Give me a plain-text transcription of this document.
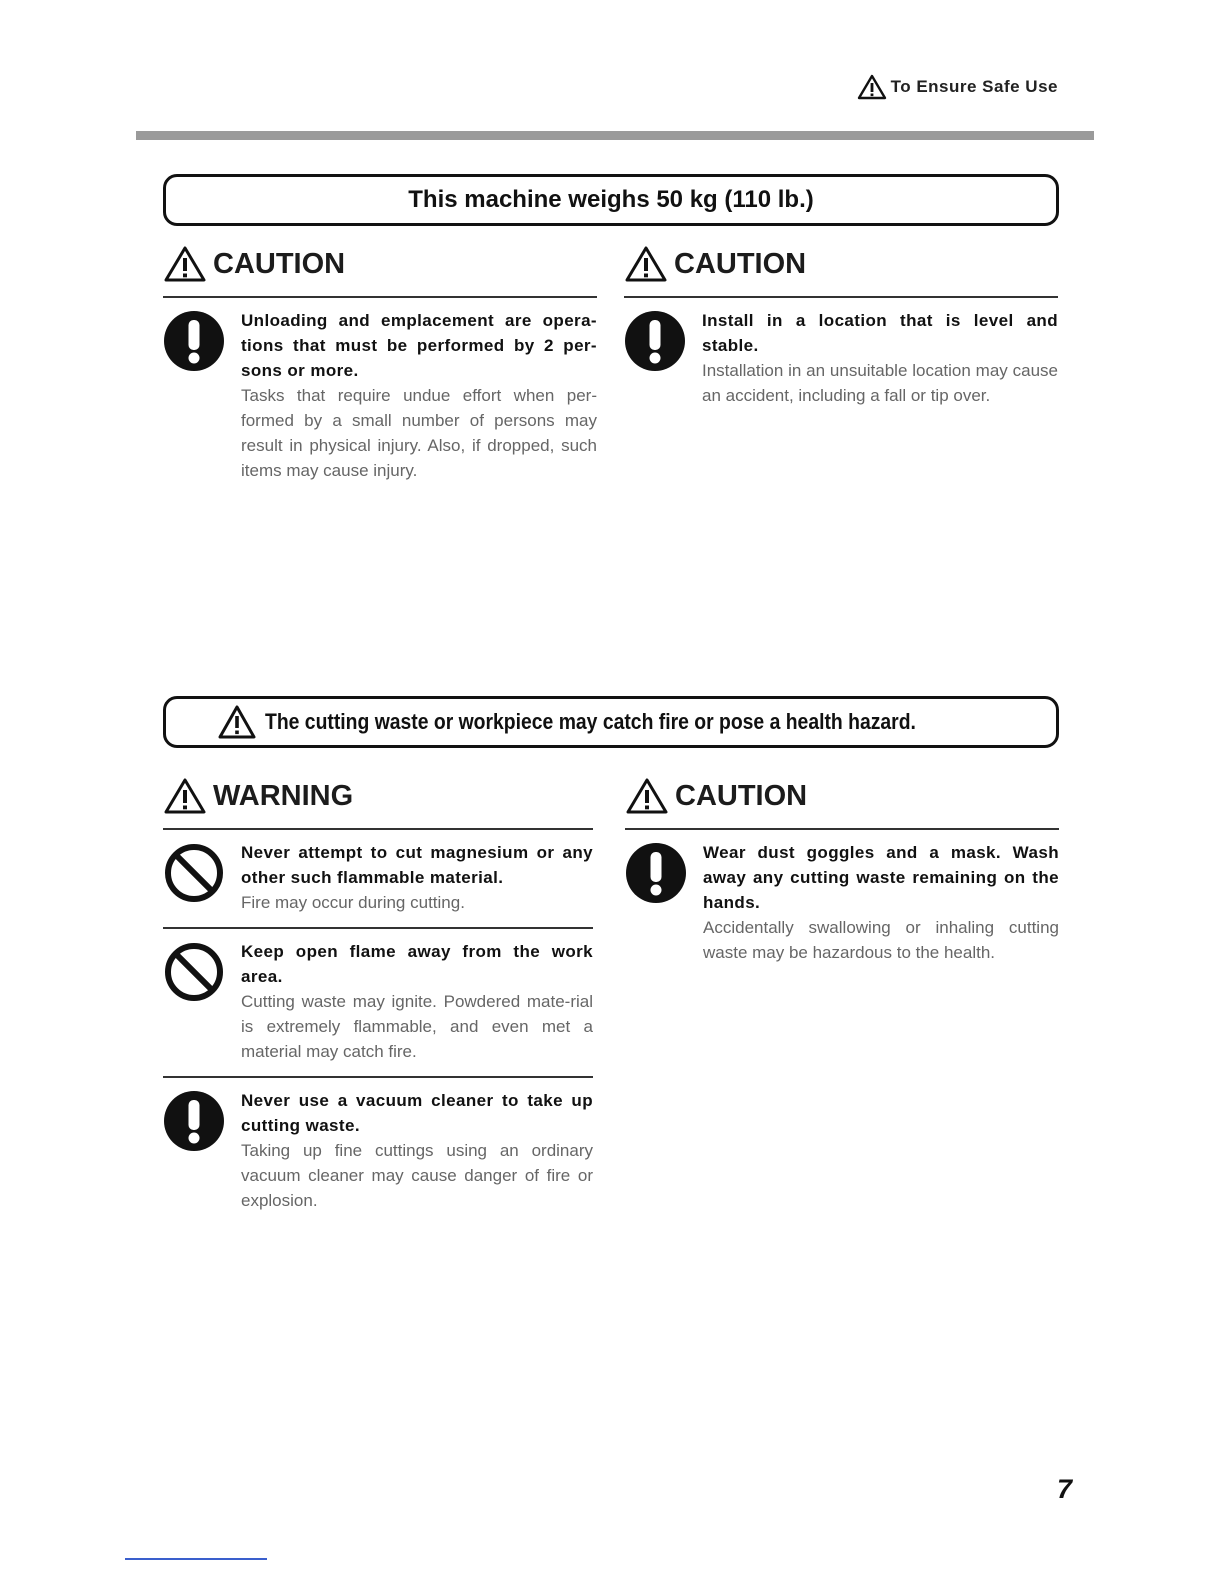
To Ensure Safe Use
This machine weighs 50 kg (110 lb.)
CAUTION
Unloading and emplacement are opera-tions that must be performed by 2 per-sons or more.
Tasks that require undue effort when per-formed by a small number of persons may result in physical injury. Also, if dropped, such items may cause injury.
CAUTION
Install in a location that is level and stable.
Installation in an unsuitable location may cause an accident, including a fall or tip over.
The cutting waste or workpiece may catch fire or pose a health hazard.
WARNING
Never attempt to cut magnesium or any other such flammable material.
Fire may occur during cutting.
Keep open flame away from the work area.
Cutting waste may ignite. Powdered mate-rial is extremely flammable, and even met a material may catch fire.
Never use a vacuum cleaner to take up cutting waste.
Taking up fine cuttings using an ordinary vacuum cleaner may cause danger of fire or explosion.
CAUTION
Wear dust goggles and a mask. Wash away any cutting waste remaining on the hands.
Accidentally swallowing or inhaling cutting waste may be hazardous to the health.
7
